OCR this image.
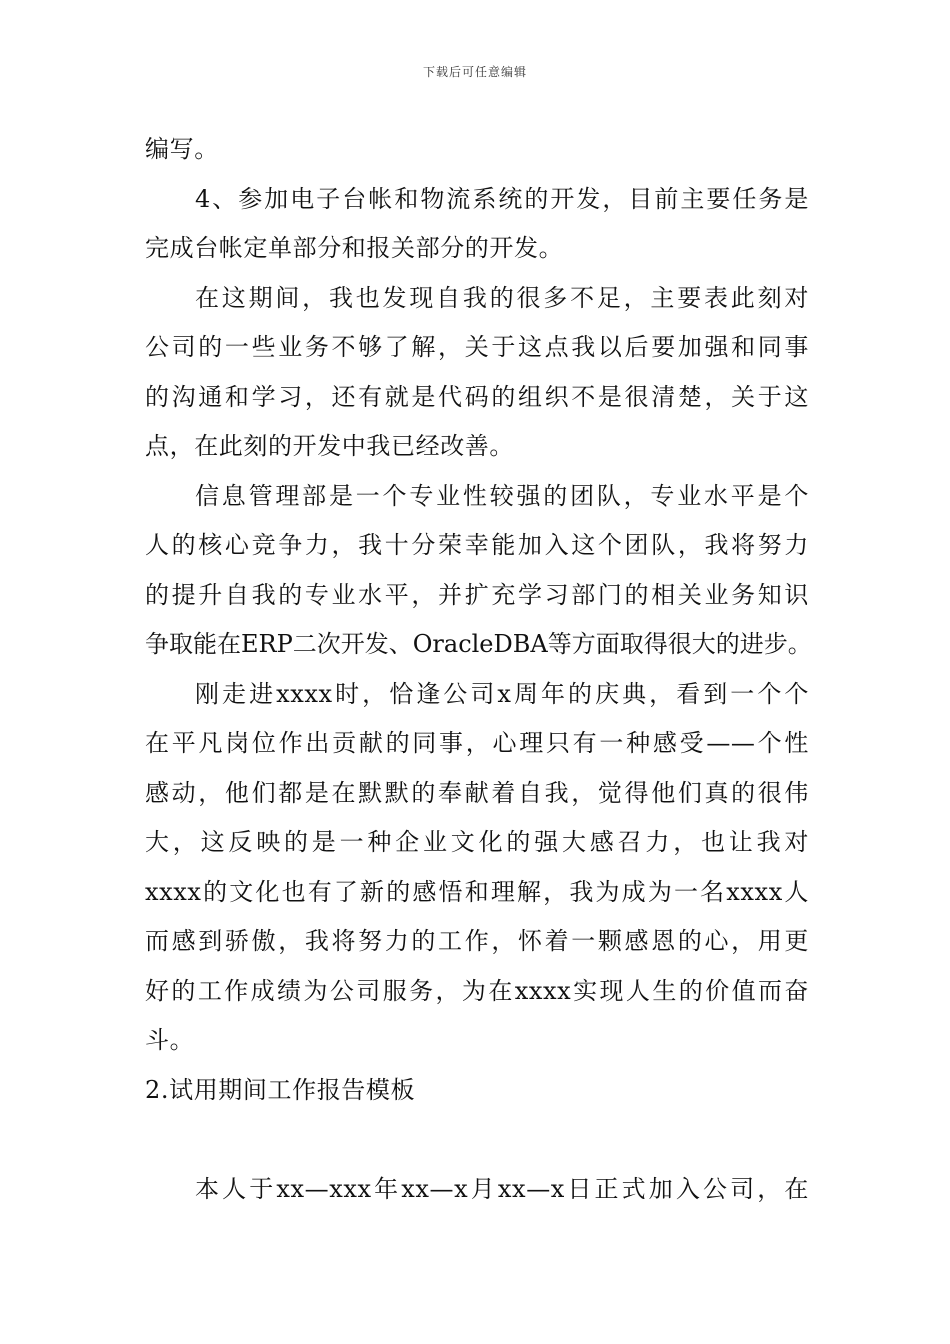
下载后可任意编辑
编写。
4、参加电子台帐和物流系统的开发，目前主要任务是
完成台帐定单部分和报关部分的开发。
在这期间，我也发现自我的很多不足，主要表此刻对
公司的一些业务不够了解，关于这点我以后要加强和同事
的沟通和学习，还有就是代码的组织不是很清楚，关于这
点，在此刻的开发中我已经改善。
信息管理部是一个专业性较强的团队，专业水平是个
人的核心竞争力，我十分荣幸能加入这个团队，我将努力
的提升自我的专业水平，并扩充学习部门的相关业务知识
争取能在ERP二次开发、OracleDBA等方面取得很大的进步。
刚走进xxxx时，恰逢公司x周年的庆典，看到一个个
在平凡岗位作出贡献的同事，心理只有一种感受——个性
感动，他们都是在默默的奉献着自我，觉得他们真的很伟
大，这反映的是一种企业文化的强大感召力，也让我对
xxxx的文化也有了新的感悟和理解，我为成为一名xxxx人
而感到骄傲，我将努力的工作，怀着一颗感恩的心，用更
好的工作成绩为公司服务，为在xxxx实现人生的价值而奋
斗。
2.试用期间工作报告模板
本人于xx—xxx年xx—x月xx—x日正式加入公司，在
